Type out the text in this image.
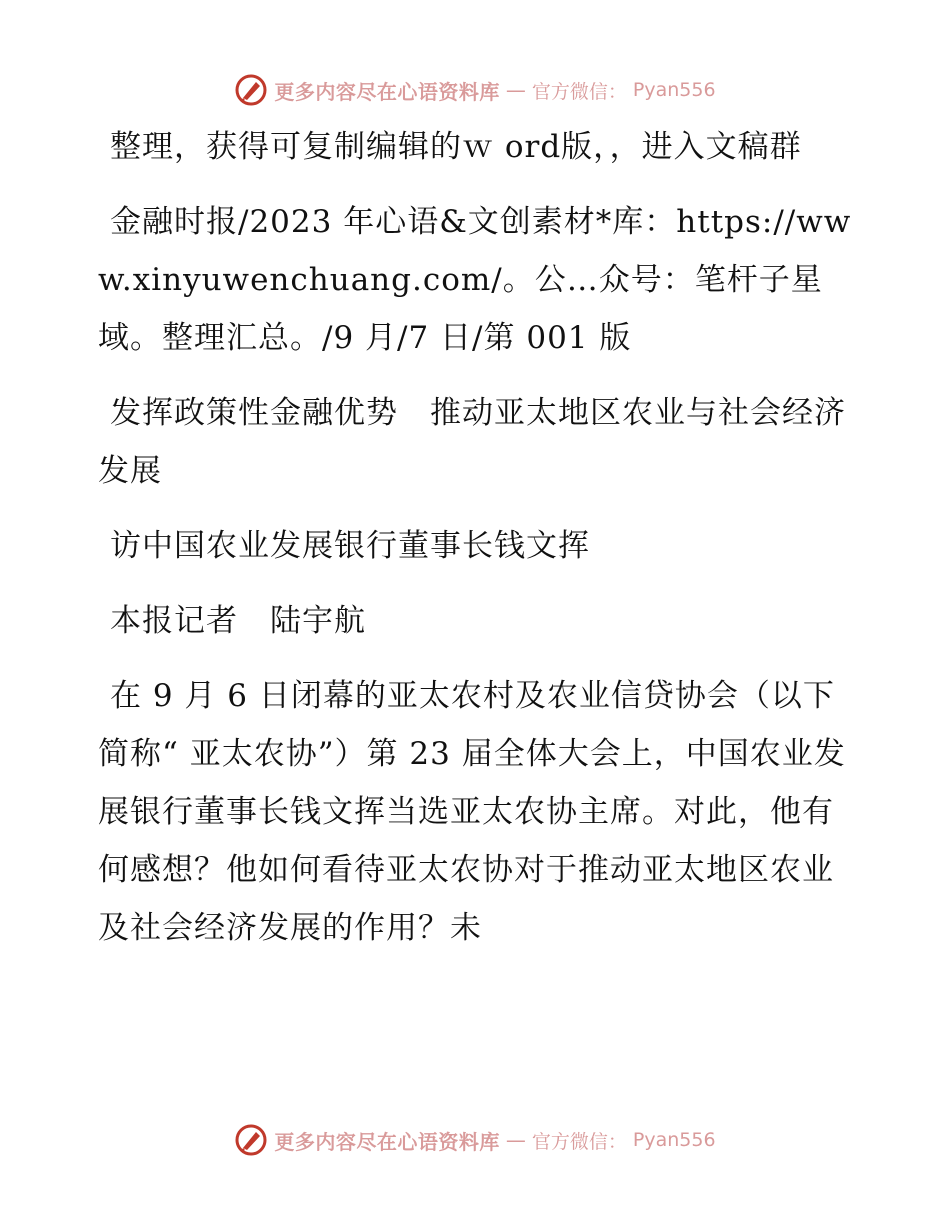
更多内容尽在心语资料库 — 官方微信： Pyan556

整理，获得可复制编辑的ｗ ord版，，进入文稿群

金融时报/2023 年心语&文创素材*库：https://www.xinyuwenchuang.com/。公…众号：笔杆子星域。整理汇总。/9 月/7 日/第 001 版

发挥政策性金融优势　推动亚太地区农业与社会经济发展

访中国农业发展银行董事长钱文挥

本报记者　陆宇航

在 9 月 6 日闭幕的亚太农村及农业信贷协会（以下简称“ 亚太农协”）第 23 届全体大会上，中国农业发展银行董事长钱文挥当选亚太农协主席。对此，他有何感想？他如何看待亚太农协对于推动亚太地区农业及社会经济发展的作用？未

更多内容尽在心语资料库 — 官方微信： Pyan556
